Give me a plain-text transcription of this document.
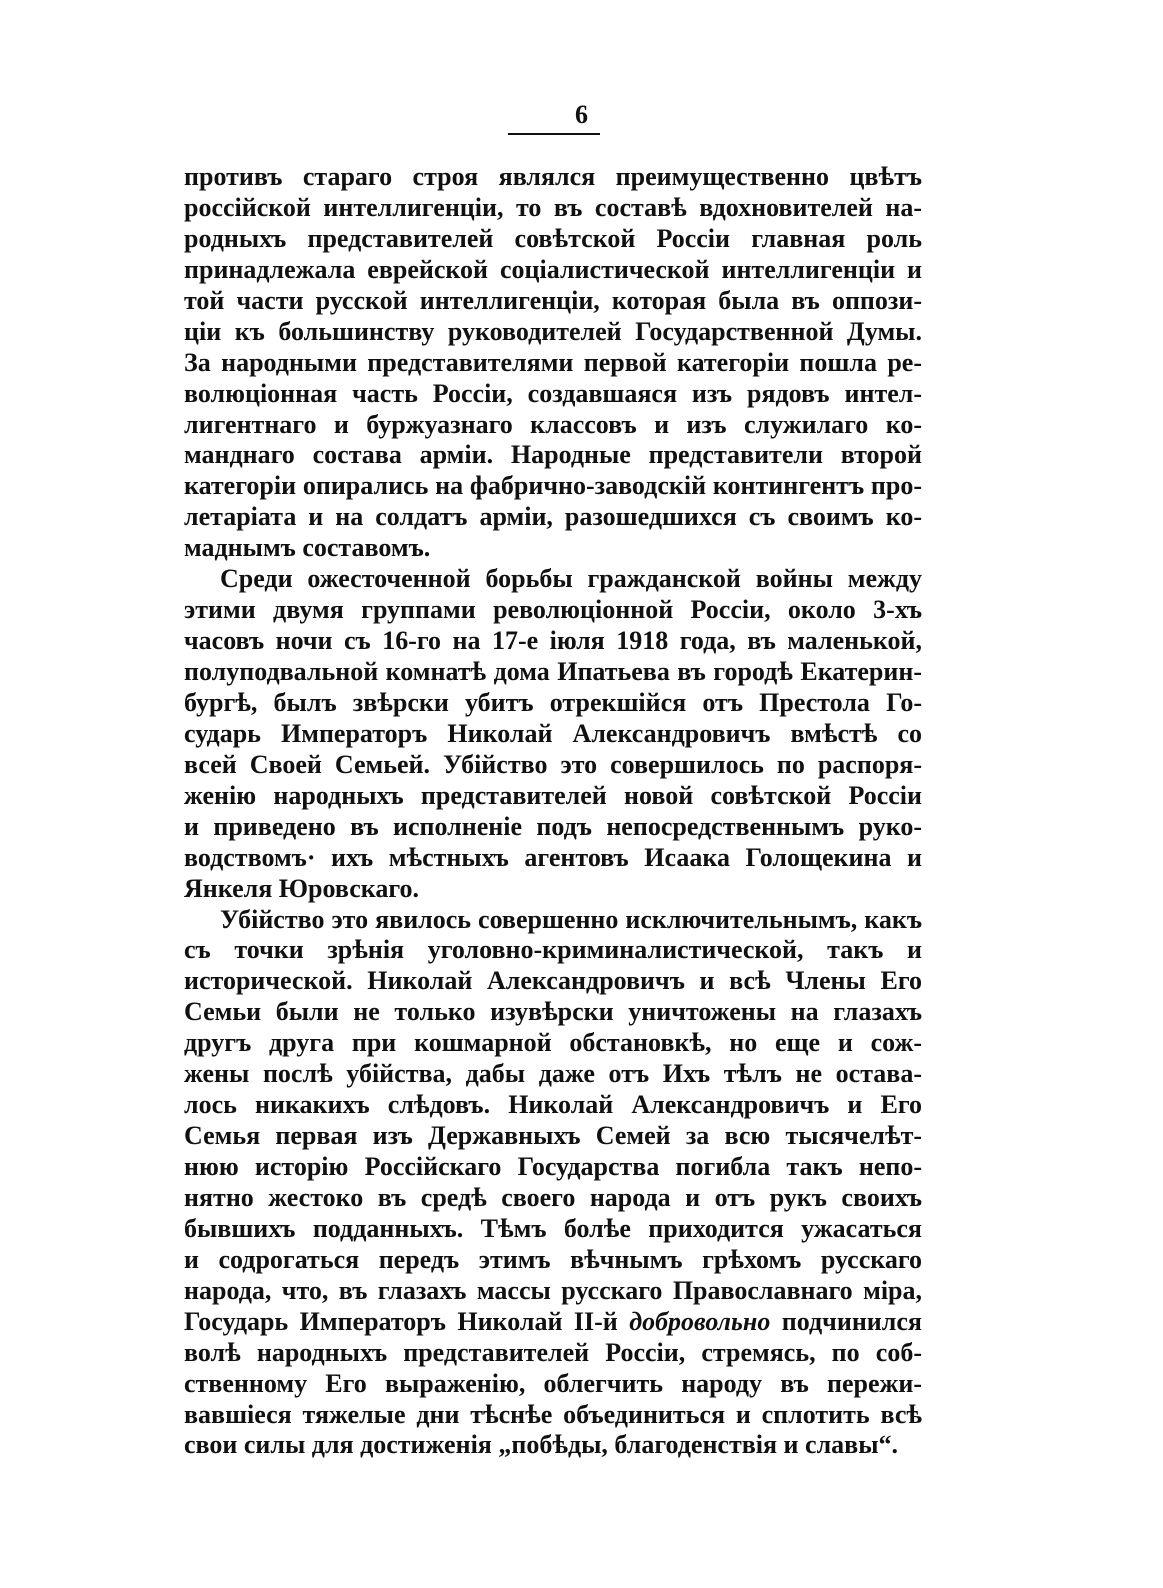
6
противъ стараго строя являлся преимущественно цвѣтъ
россійской интеллигенціи, то въ составѣ вдохновителей на-
родныхъ представителей совѣтской Россіи главная роль
принадлежала еврейской соціалистической интеллигенціи и
той части русской интеллигенціи, которая была въ оппози-
ціи къ большинству руководителей Государственной Думы.
За народными представителями первой категоріи пошла ре-
волюціонная часть Россіи, создавшаяся изъ рядовъ интел-
лигентнаго и буржуазнаго классовъ и изъ служилаго ко-
манднаго состава арміи. Народные представители второй
категоріи опирались на фабрично-заводскій контингентъ про-
летаріата и на солдатъ арміи, разошедшихся съ своимъ ко-
маднымъ составомъ.
Среди ожесточенной борьбы гражданской войны между
этими двумя группами революціонной Россіи, около 3-хъ
часовъ ночи съ 16-го на 17-е іюля 1918 года, въ маленькой,
полуподвальной комнатѣ дома Ипатьева въ городѣ Екатерин-
бургѣ, былъ звѣрски убитъ отрекшійся отъ Престола Го-
сударь Императоръ Николай Александровичъ вмѣстѣ со
всей Своей Семьей. Убійство это совершилось по распоря-
женію народныхъ представителей новой совѣтской Россіи
и приведено въ исполненіе подъ непосредственнымъ руко-
водствомъ· ихъ мѣстныхъ агентовъ Исаака Голощекина и
Янкеля Юровскаго.
Убійство это явилось совершенно исключительнымъ, какъ
съ точки зрѣнія уголовно-криминалистической, такъ и
исторической. Николай Александровичъ и всѣ Члены Его
Семьи были не только изувѣрски уничтожены на глазахъ
другъ друга при кошмарной обстановкѣ, но еще и сож-
жены послѣ убійства, дабы даже отъ Ихъ тѣлъ не остава-
лось никакихъ слѣдовъ. Николай Александровичъ и Его
Семья первая изъ Державныхъ Семей за всю тысячелѣт-
нюю исторію Россійскаго Государства погибла такъ непо-
нятно жестоко въ средѣ своего народа и отъ рукъ своихъ
бывшихъ подданныхъ. Тѣмъ болѣе приходится ужасаться
и содрогаться передъ этимъ вѣчнымъ грѣхомъ русскаго
народа, что, въ глазахъ массы русскаго Православнаго міра,
Государь Императоръ Николай II-й добровольно подчинился
волѣ народныхъ представителей Россіи, стремясь, по соб-
ственному Его выраженію, облегчить народу въ пережи-
вавшіеся тяжелые дни тѣснѣе объединиться и сплотить всѣ
свои силы для достиженія „побѣды, благоденствія и славы“.
